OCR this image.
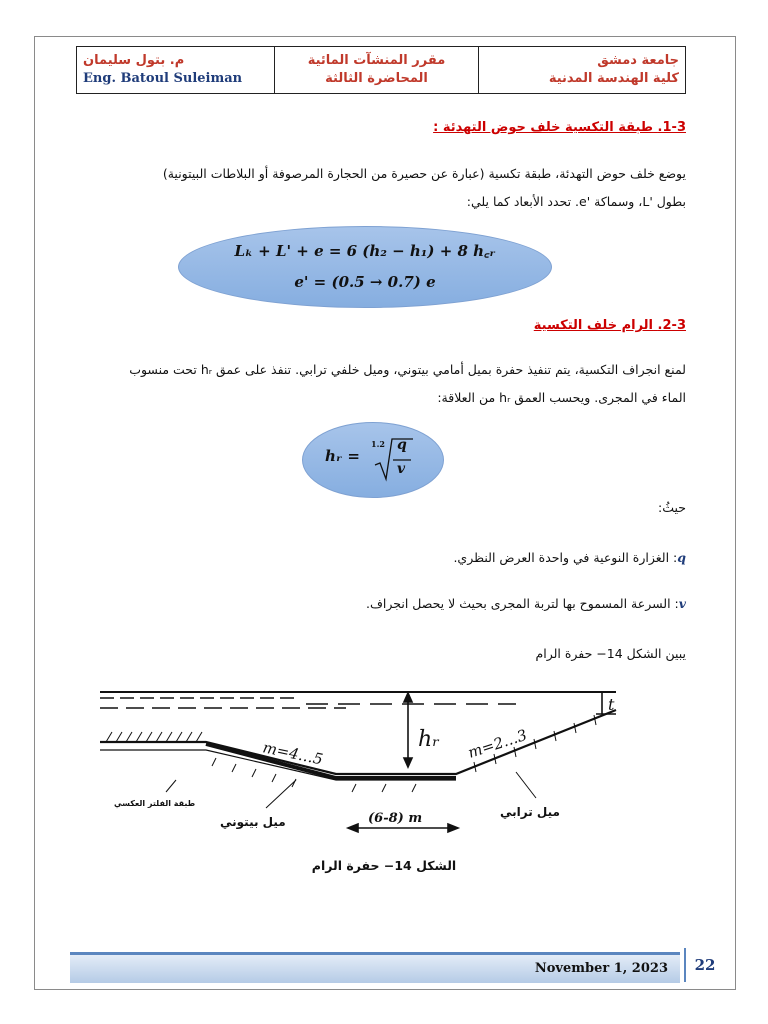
م. بتول سليمان
Eng. Batoul Suleiman
مقرر المنشآت المائية
المحاضرة الثالثة
جامعة دمشق
كلية الهندسة المدنية
1-3. طبقة التكسية خلف حوض التهدئة :
يوضع خلف حوض التهدئة، طبقة تكسية (عبارة عن حصيرة من الحجارة المرصوفة أو البلاطات البيتونية)
بطول 'L، وسماكة 'e. تحدد الأبعاد كما يلي:
Lₖ + L' + e = 6 (h₂ − h₁) + 8 h꜀ᵣ
e' = (0.5 → 0.7) e
2-3. الرام خلف التكسية
لمنع انجراف التكسية، يتم تنفيذ حفرة بميل أمامي بيتوني، وميل خلفي ترابي. تنفذ على عمق hᵣ تحت منسوب
الماء في المجرى. ويحسب العمق hᵣ من العلاقة:
hᵣ =
1.2 q
v
حيثُ:
q: الغزارة النوعية في واحدة العرض النظري.
v: السرعة المسموح بها لتربة المجرى بحيث لا يحصل انجراف.
يبين الشكل 14− حفرة الرام
m=4…5	m=2…3
hᵣ
t
طبقة الفلتر العكسي
ميل بيتوني
ميل ترابي
(6-8) m
الشكل 14− حفرة الرام
November 1, 2023	22
